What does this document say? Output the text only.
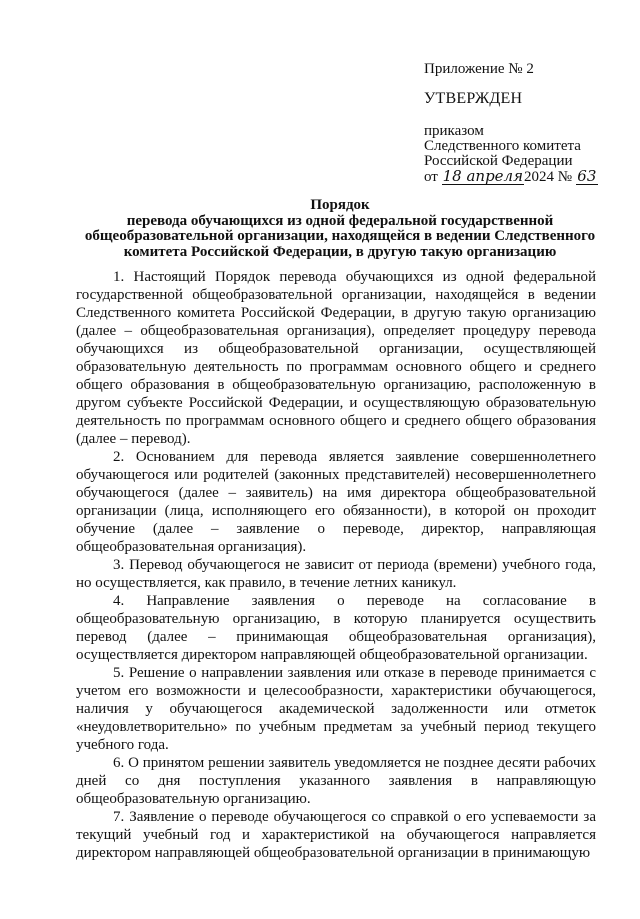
Приложение № 2
УТВЕРЖДЕН
приказом
Следственного комитета
Российской Федерации
от 18 апреля2024 № 63
Порядок
перевода обучающихся из одной федеральной государственной
общеобразовательной организации, находящейся в ведении Следственного
комитета Российской Федерации, в другую такую организацию

1. Настоящий Порядок перевода обучающихся из одной федеральной государственной общеобразовательной организации, находящейся в ведении Следственного комитета Российской Федерации, в другую такую организацию (далее – общеобразовательная организация), определяет процедуру перевода обучающихся из общеобразовательной организации, осуществляющей образовательную деятельность по программам основного общего и среднего общего образования в общеобразовательную организацию, расположенную в другом субъекте Российской Федерации, и осуществляющую образовательную деятельность по программам основного общего и среднего общего образования (далее – перевод).

2. Основанием для перевода является заявление совершеннолетнего обучающегося или родителей (законных представителей) несовершеннолетнего обучающегося (далее – заявитель) на имя директора общеобразовательной организации (лица, исполняющего его обязанности), в которой он проходит обучение (далее – заявление о переводе, директор, направляющая общеобразовательная организация).

3. Перевод обучающегося не зависит от периода (времени) учебного года, но осуществляется, как правило, в течение летних каникул.

4. Направление заявления о переводе на согласование в общеобразовательную организацию, в которую планируется осуществить перевод (далее – принимающая общеобразовательная организация), осуществляется директором направляющей общеобразовательной организации.

5. Решение о направлении заявления или отказе в переводе принимается с учетом его возможности и целесообразности, характеристики обучающегося, наличия у обучающегося академической задолженности или отметок «неудовлетворительно» по учебным предметам за учебный период текущего учебного года.

6. О принятом решении заявитель уведомляется не позднее десяти рабочих дней со дня поступления указанного заявления в направляющую общеобразовательную организацию.

7. Заявление о переводе обучающегося со справкой о его успеваемости за текущий учебный год и характеристикой на обучающегося направляется директором направляющей общеобразовательной организации в принимающую
